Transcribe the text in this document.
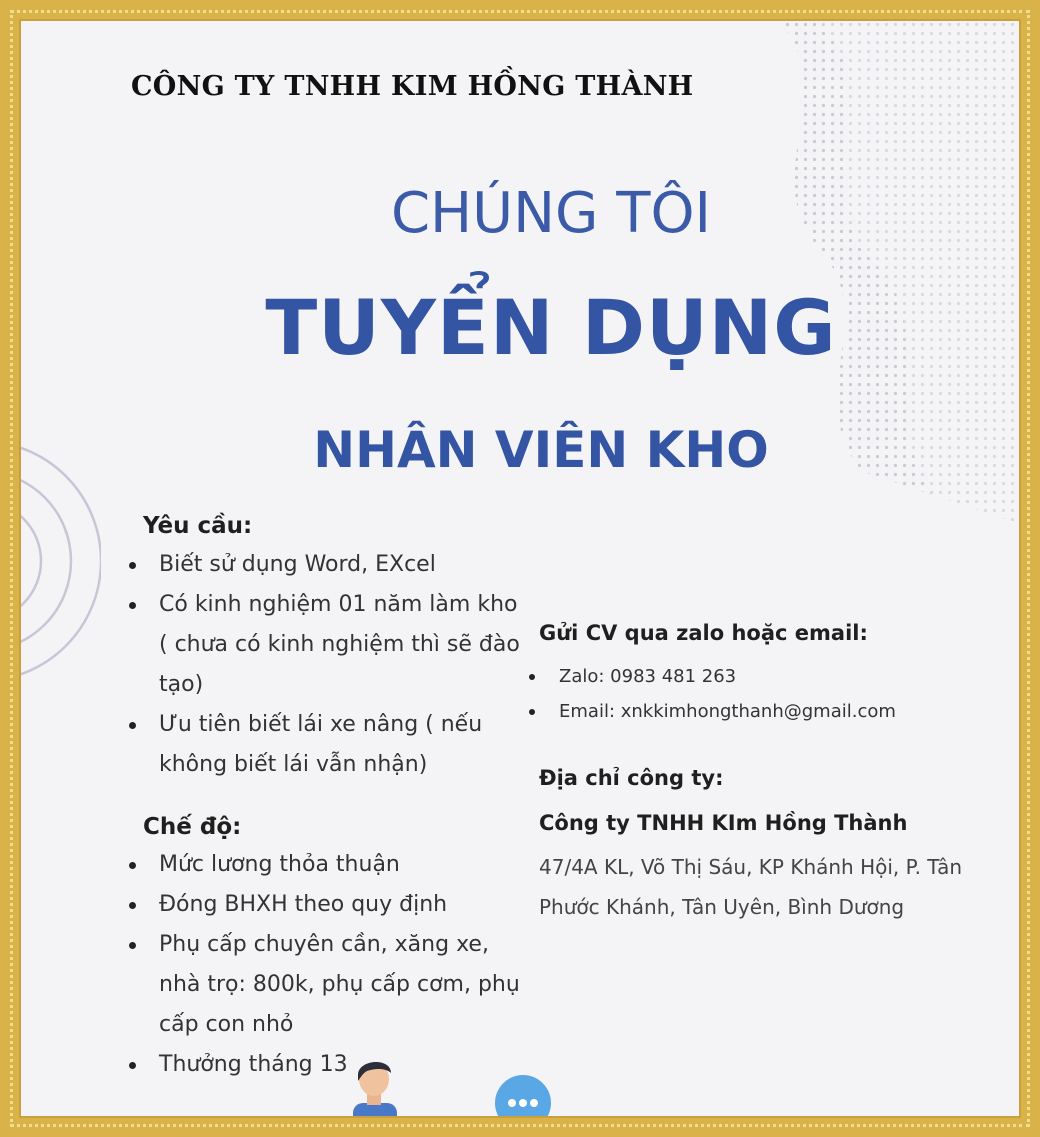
CÔNG TY TNHH KIM HỒNG THÀNH
CHÚNG TÔI
TUYỂN DỤNG
NHÂN VIÊN KHO
Yêu cầu:
Biết sử dụng Word, EXcel
Có kinh nghiệm 01 năm làm kho ( chưa có kinh nghiệm thì sẽ đào tạo)
Ưu tiên biết lái xe nâng ( nếu không biết lái vẫn nhận)
Chế độ:
Mức lương thỏa thuận
Đóng BHXH theo quy định
Phụ cấp chuyên cần, xăng xe, nhà trọ: 800k, phụ cấp cơm, phụ cấp con nhỏ
Thưởng tháng 13
Gửi CV qua zalo hoặc email:
Zalo: 0983 481 263
Email: xnkkimhongthanh@gmail.com
Địa chỉ công ty:
Công ty TNHH KIm Hồng Thành
47/4A KL, Võ Thị Sáu, KP Khánh Hội, P. Tân Phước Khánh, Tân Uyên, Bình Dương
